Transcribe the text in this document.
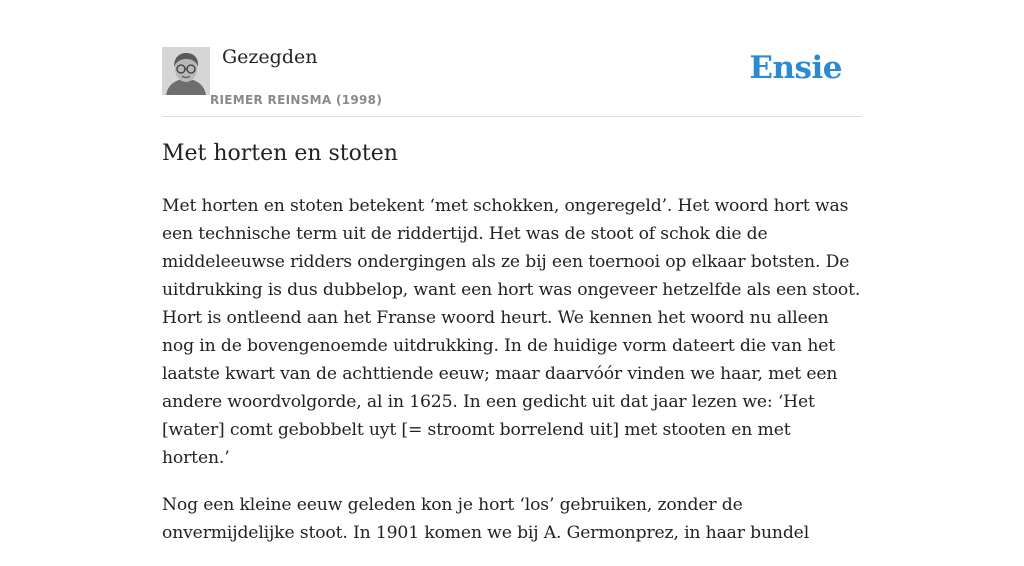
Gezegden
RIEMER REINSMA (1998)
Ensie
Met horten en stoten

Met horten en stoten betekent ‘met schokken, ongeregeld’. Het woord hort was een technische term uit de riddertijd. Het was de stoot of schok die de middeleeuwse ridders ondergingen als ze bij een toernooi op elkaar botsten. De uitdrukking is dus dubbelop, want een hort was ongeveer hetzelfde als een stoot. Hort is ontleend aan het Franse woord heurt. We kennen het woord nu alleen nog in de bovengenoemde uitdrukking. In de huidige vorm dateert die van het laatste kwart van de achttiende eeuw; maar daarvóór vinden we haar, met een andere woordvolgorde, al in 1625. In een gedicht uit dat jaar lezen we: ‘Het [water] comt gebobbelt uyt [= stroomt borrelend uit] met stooten en met horten.’

Nog een kleine eeuw geleden kon je hort ‘los’ gebruiken, zonder de onvermijdelijke stoot. In 1901 komen we bij A. Germonprez, in haar bundel
